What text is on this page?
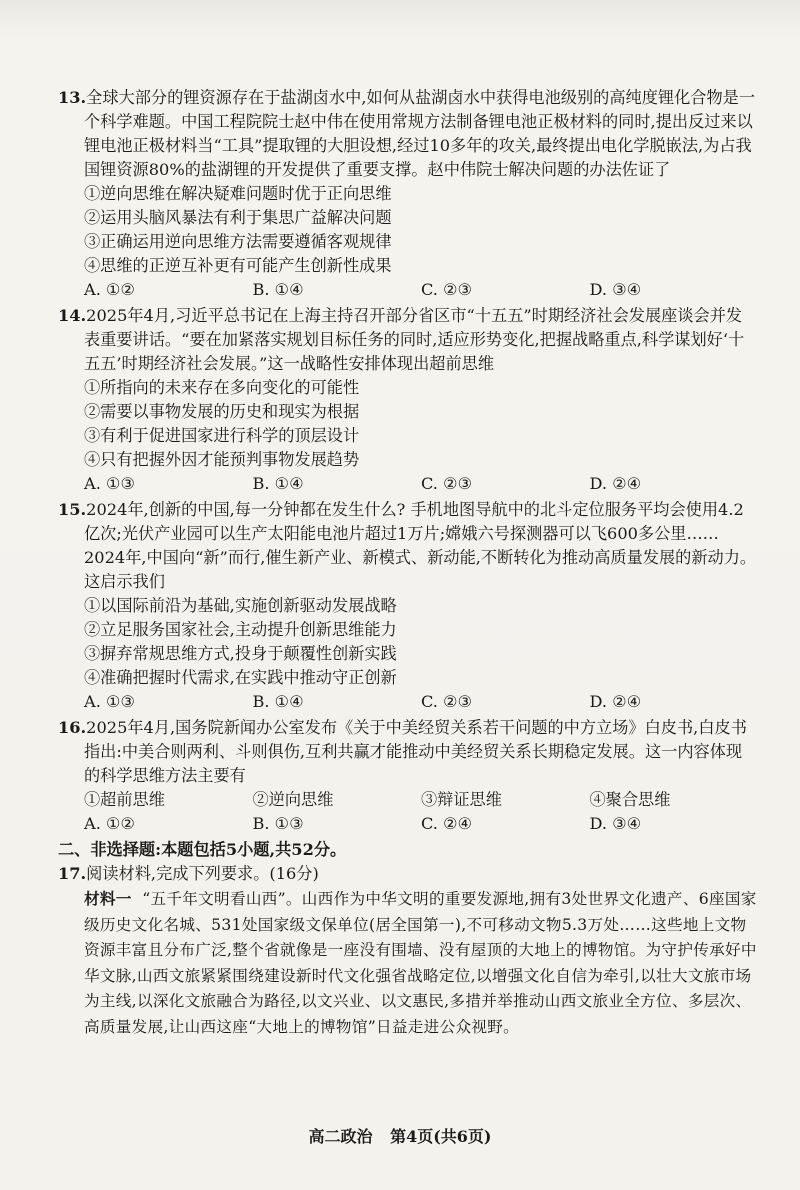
13.全球大部分的锂资源存在于盐湖卤水中,如何从盐湖卤水中获得电池级别的高纯度锂化合物是一个科学难题。中国工程院院士赵中伟在使用常规方法制备锂电池正极材料的同时,提出反过来以锂电池正极材料当“工具”提取锂的大胆设想,经过10多年的攻关,最终提出电化学脱嵌法,为占我国锂资源80%的盐湖锂的开发提供了重要支撑。赵中伟院士解决问题的办法佐证了

①逆向思维在解决疑难问题时优于正向思维

②运用头脑风暴法有利于集思广益解决问题

③正确运用逆向思维方法需要遵循客观规律

④思维的正逆互补更有可能产生创新性成果

A. ①②	B. ①④	C. ②③	D. ③④

14.2025年4月,习近平总书记在上海主持召开部分省区市“十五五”时期经济社会发展座谈会并发表重要讲话。“要在加紧落实规划目标任务的同时,适应形势变化,把握战略重点,科学谋划好‘十五五’时期经济社会发展。”这一战略性安排体现出超前思维

①所指向的未来存在多向变化的可能性

②需要以事物发展的历史和现实为根据

③有利于促进国家进行科学的顶层设计

④只有把握外因才能预判事物发展趋势

A. ①③	B. ①④	C. ②③	D. ②④

15.2024年,创新的中国,每一分钟都在发生什么? 手机地图导航中的北斗定位服务平均会使用4.2亿次;光伏产业园可以生产太阳能电池片超过1万片;嫦娥六号探测器可以飞600多公里……2024年,中国向“新”而行,催生新产业、新模式、新动能,不断转化为推动高质量发展的新动力。这启示我们

①以国际前沿为基础,实施创新驱动发展战略

②立足服务国家社会,主动提升创新思维能力

③摒弃常规思维方式,投身于颠覆性创新实践

④准确把握时代需求,在实践中推动守正创新

A. ①③	B. ①④	C. ②③	D. ②④

16.2025年4月,国务院新闻办公室发布《关于中美经贸关系若干问题的中方立场》白皮书,白皮书指出:中美合则两利、斗则俱伤,互利共赢才能推动中美经贸关系长期稳定发展。这一内容体现的科学思维方法主要有

①超前思维	②逆向思维	③辩证思维	④聚合思维
A. ①②	B. ①③	C. ②④	D. ③④

二、非选择题:本题包括5小题,共52分。

17.阅读材料,完成下列要求。(16分)

材料一 “五千年文明看山西”。山西作为中华文明的重要发源地,拥有3处世界文化遗产、6座国家级历史文化名城、531处国家级文保单位(居全国第一),不可移动文物5.3万处……这些地上文物资源丰富且分布广泛,整个省就像是一座没有围墙、没有屋顶的大地上的博物馆。为守护传承好中华文脉,山西文旅紧紧围绕建设新时代文化强省战略定位,以增强文化自信为牵引,以壮大文旅市场为主线,以深化文旅融合为路径,以文兴业、以文惠民,多措并举推动山西文旅业全方位、多层次、高质量发展,让山西这座“大地上的博物馆”日益走进公众视野。

高二政治 第4页(共6页)
